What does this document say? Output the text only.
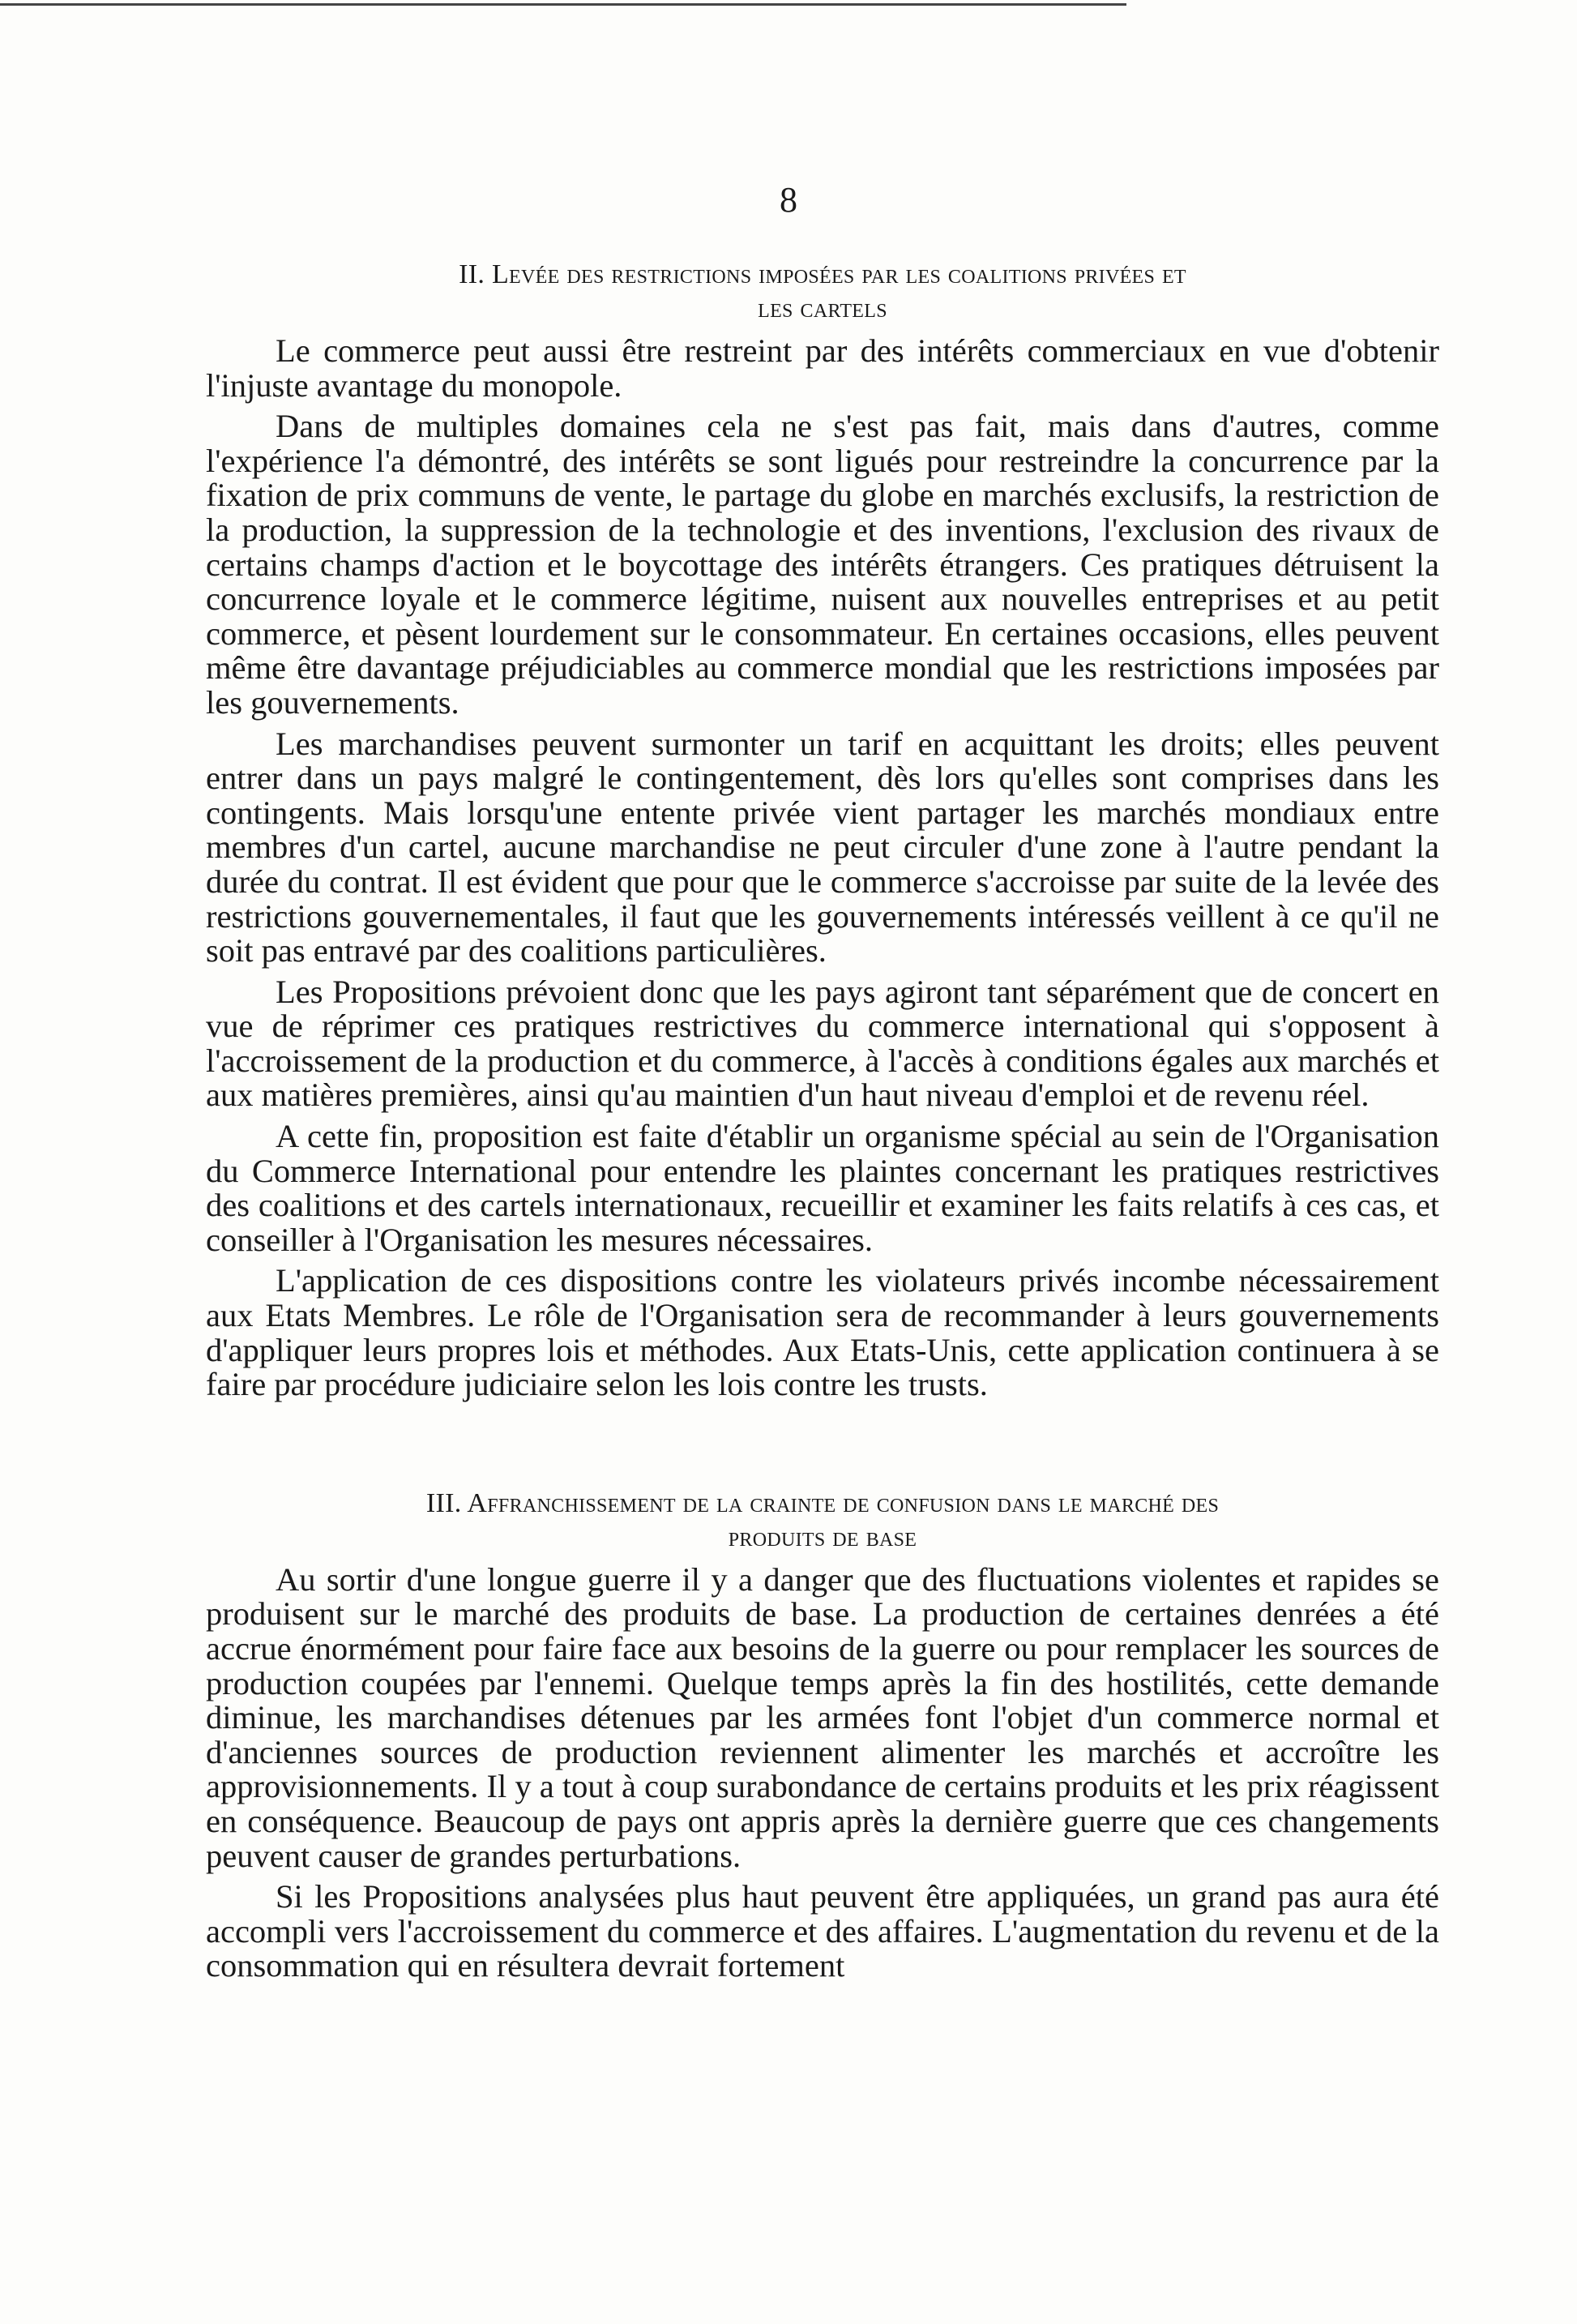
8

II. Levée des restrictions imposées par les coalitions privées et

les cartels

Le commerce peut aussi être restreint par des intérêts commerciaux en vue d'obtenir l'injuste avantage du monopole.

Dans de multiples domaines cela ne s'est pas fait, mais dans d'autres, comme l'expérience l'a démontré, des intérêts se sont ligués pour restreindre la concurrence par la fixation de prix communs de vente, le partage du globe en marchés exclusifs, la restriction de la production, la suppression de la technologie et des inventions, l'exclusion des rivaux de certains champs d'action et le boycottage des intérêts étrangers. Ces pratiques détruisent la concurrence loyale et le commerce légitime, nuisent aux nouvelles entreprises et au petit commerce, et pèsent lourdement sur le consommateur. En certaines occasions, elles peuvent même être davantage préjudiciables au commerce mondial que les restrictions imposées par les gouvernements.

Les marchandises peuvent surmonter un tarif en acquittant les droits; elles peuvent entrer dans un pays malgré le contingentement, dès lors qu'elles sont comprises dans les contingents. Mais lorsqu'une entente privée vient partager les marchés mondiaux entre membres d'un cartel, aucune marchandise ne peut circuler d'une zone à l'autre pendant la durée du contrat. Il est évident que pour que le commerce s'accroisse par suite de la levée des restrictions gouvernementales, il faut que les gouvernements intéressés veillent à ce qu'il ne soit pas entravé par des coalitions particulières.

Les Propositions prévoient donc que les pays agiront tant séparément que de concert en vue de réprimer ces pratiques restrictives du commerce international qui s'opposent à l'accroissement de la production et du commerce, à l'accès à conditions égales aux marchés et aux matières premières, ainsi qu'au maintien d'un haut niveau d'emploi et de revenu réel.

A cette fin, proposition est faite d'établir un organisme spécial au sein de l'Organisation du Commerce International pour entendre les plaintes concernant les pratiques restrictives des coalitions et des cartels internationaux, recueillir et examiner les faits relatifs à ces cas, et conseiller à l'Organisation les mesures nécessaires.

L'application de ces dispositions contre les violateurs privés incombe nécessairement aux Etats Membres. Le rôle de l'Organisation sera de recommander à leurs gouvernements d'appliquer leurs propres lois et méthodes. Aux Etats-Unis, cette application continuera à se faire par procédure judiciaire selon les lois contre les trusts.

III. Affranchissement de la crainte de confusion dans le marché des

produits de base

Au sortir d'une longue guerre il y a danger que des fluctuations violentes et rapides se produisent sur le marché des produits de base. La production de certaines denrées a été accrue énormément pour faire face aux besoins de la guerre ou pour remplacer les sources de production coupées par l'ennemi. Quelque temps après la fin des hostilités, cette demande diminue, les marchandises détenues par les armées font l'objet d'un commerce normal et d'anciennes sources de production reviennent alimenter les marchés et accroître les approvisionnements. Il y a tout à coup surabondance de certains produits et les prix réagissent en conséquence. Beaucoup de pays ont appris après la dernière guerre que ces changements peuvent causer de grandes perturbations.

Si les Propositions analysées plus haut peuvent être appliquées, un grand pas aura été accompli vers l'accroissement du commerce et des affaires. L'augmentation du revenu et de la consommation qui en résultera devrait fortement
